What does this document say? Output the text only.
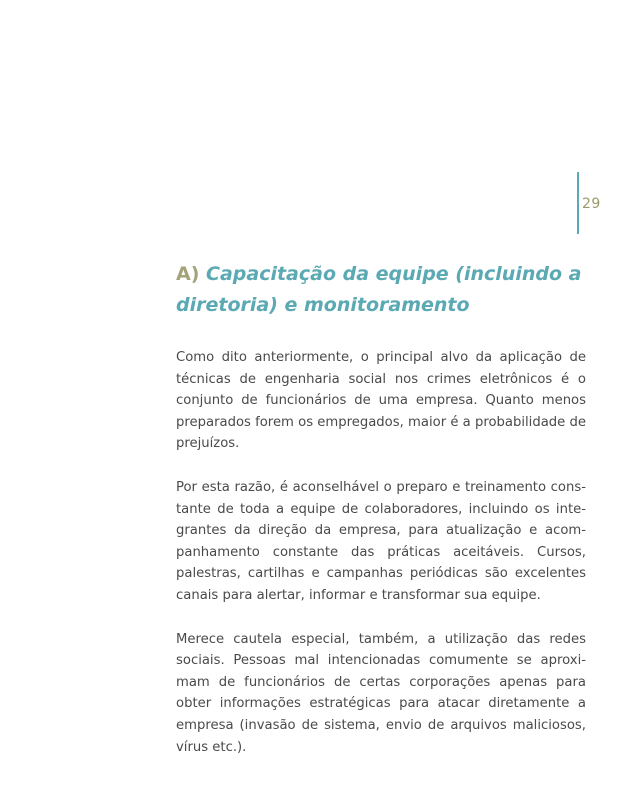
29
A) Capacitação da equipe (incluindo a diretoria) e monitoramento

Como dito anteriormente, o principal alvo da aplicação de técnicas de engenharia social nos crimes eletrônicos é o conjunto de funcionários de uma empresa. Quanto menos preparados forem os empregados, maior é a probabilidade de prejuízos.

Por esta razão, é aconselhável o preparo e treinamento constante de toda a equipe de colaboradores, incluindo os integrantes da direção da empresa, para atualização e acompanhamento constante das práticas aceitáveis. Cursos, palestras, cartilhas e campanhas periódicas são excelentes canais para alertar, informar e transformar sua equipe.

Merece cautela especial, também, a utilização das redes sociais. Pessoas mal intencionadas comumente se aproximam de funcionários de certas corporações apenas para obter informações estratégicas para atacar diretamente a empresa (invasão de sistema, envio de arquivos maliciosos, vírus etc.).
